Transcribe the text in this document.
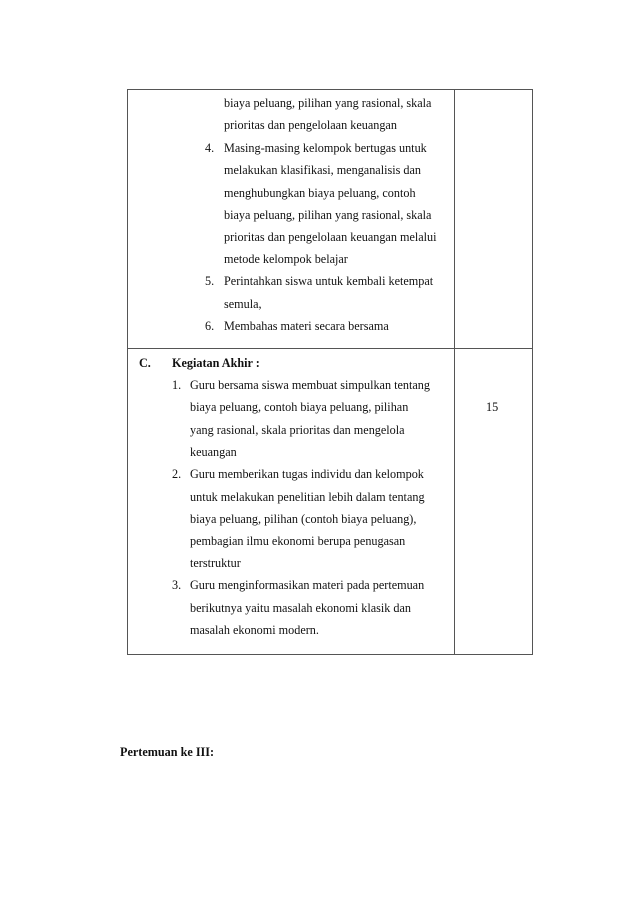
biaya peluang, pilihan yang rasional, skala
prioritas dan pengelolaan keuangan
4. Masing-masing kelompok bertugas untuk
melakukan klasifikasi, menganalisis dan
menghubungkan biaya peluang, contoh
biaya peluang, pilihan yang rasional, skala
prioritas dan pengelolaan keuangan melalui
metode kelompok belajar
5. Perintahkan siswa untuk kembali ketempat
semula,
6. Membahas materi secara bersama
C. Kegiatan Akhir :
1. Guru bersama siswa membuat simpulkan tentang
biaya peluang, contoh biaya peluang, pilihan
yang rasional, skala prioritas dan mengelola
keuangan
2. Guru memberikan tugas individu dan kelompok
untuk melakukan penelitian lebih dalam tentang
biaya peluang, pilihan (contoh biaya peluang),
pembagian ilmu ekonomi berupa penugasan
terstruktur
3. Guru menginformasikan materi pada pertemuan
berikutnya yaitu masalah ekonomi klasik dan
masalah ekonomi modern.
15
Pertemuan ke III:
